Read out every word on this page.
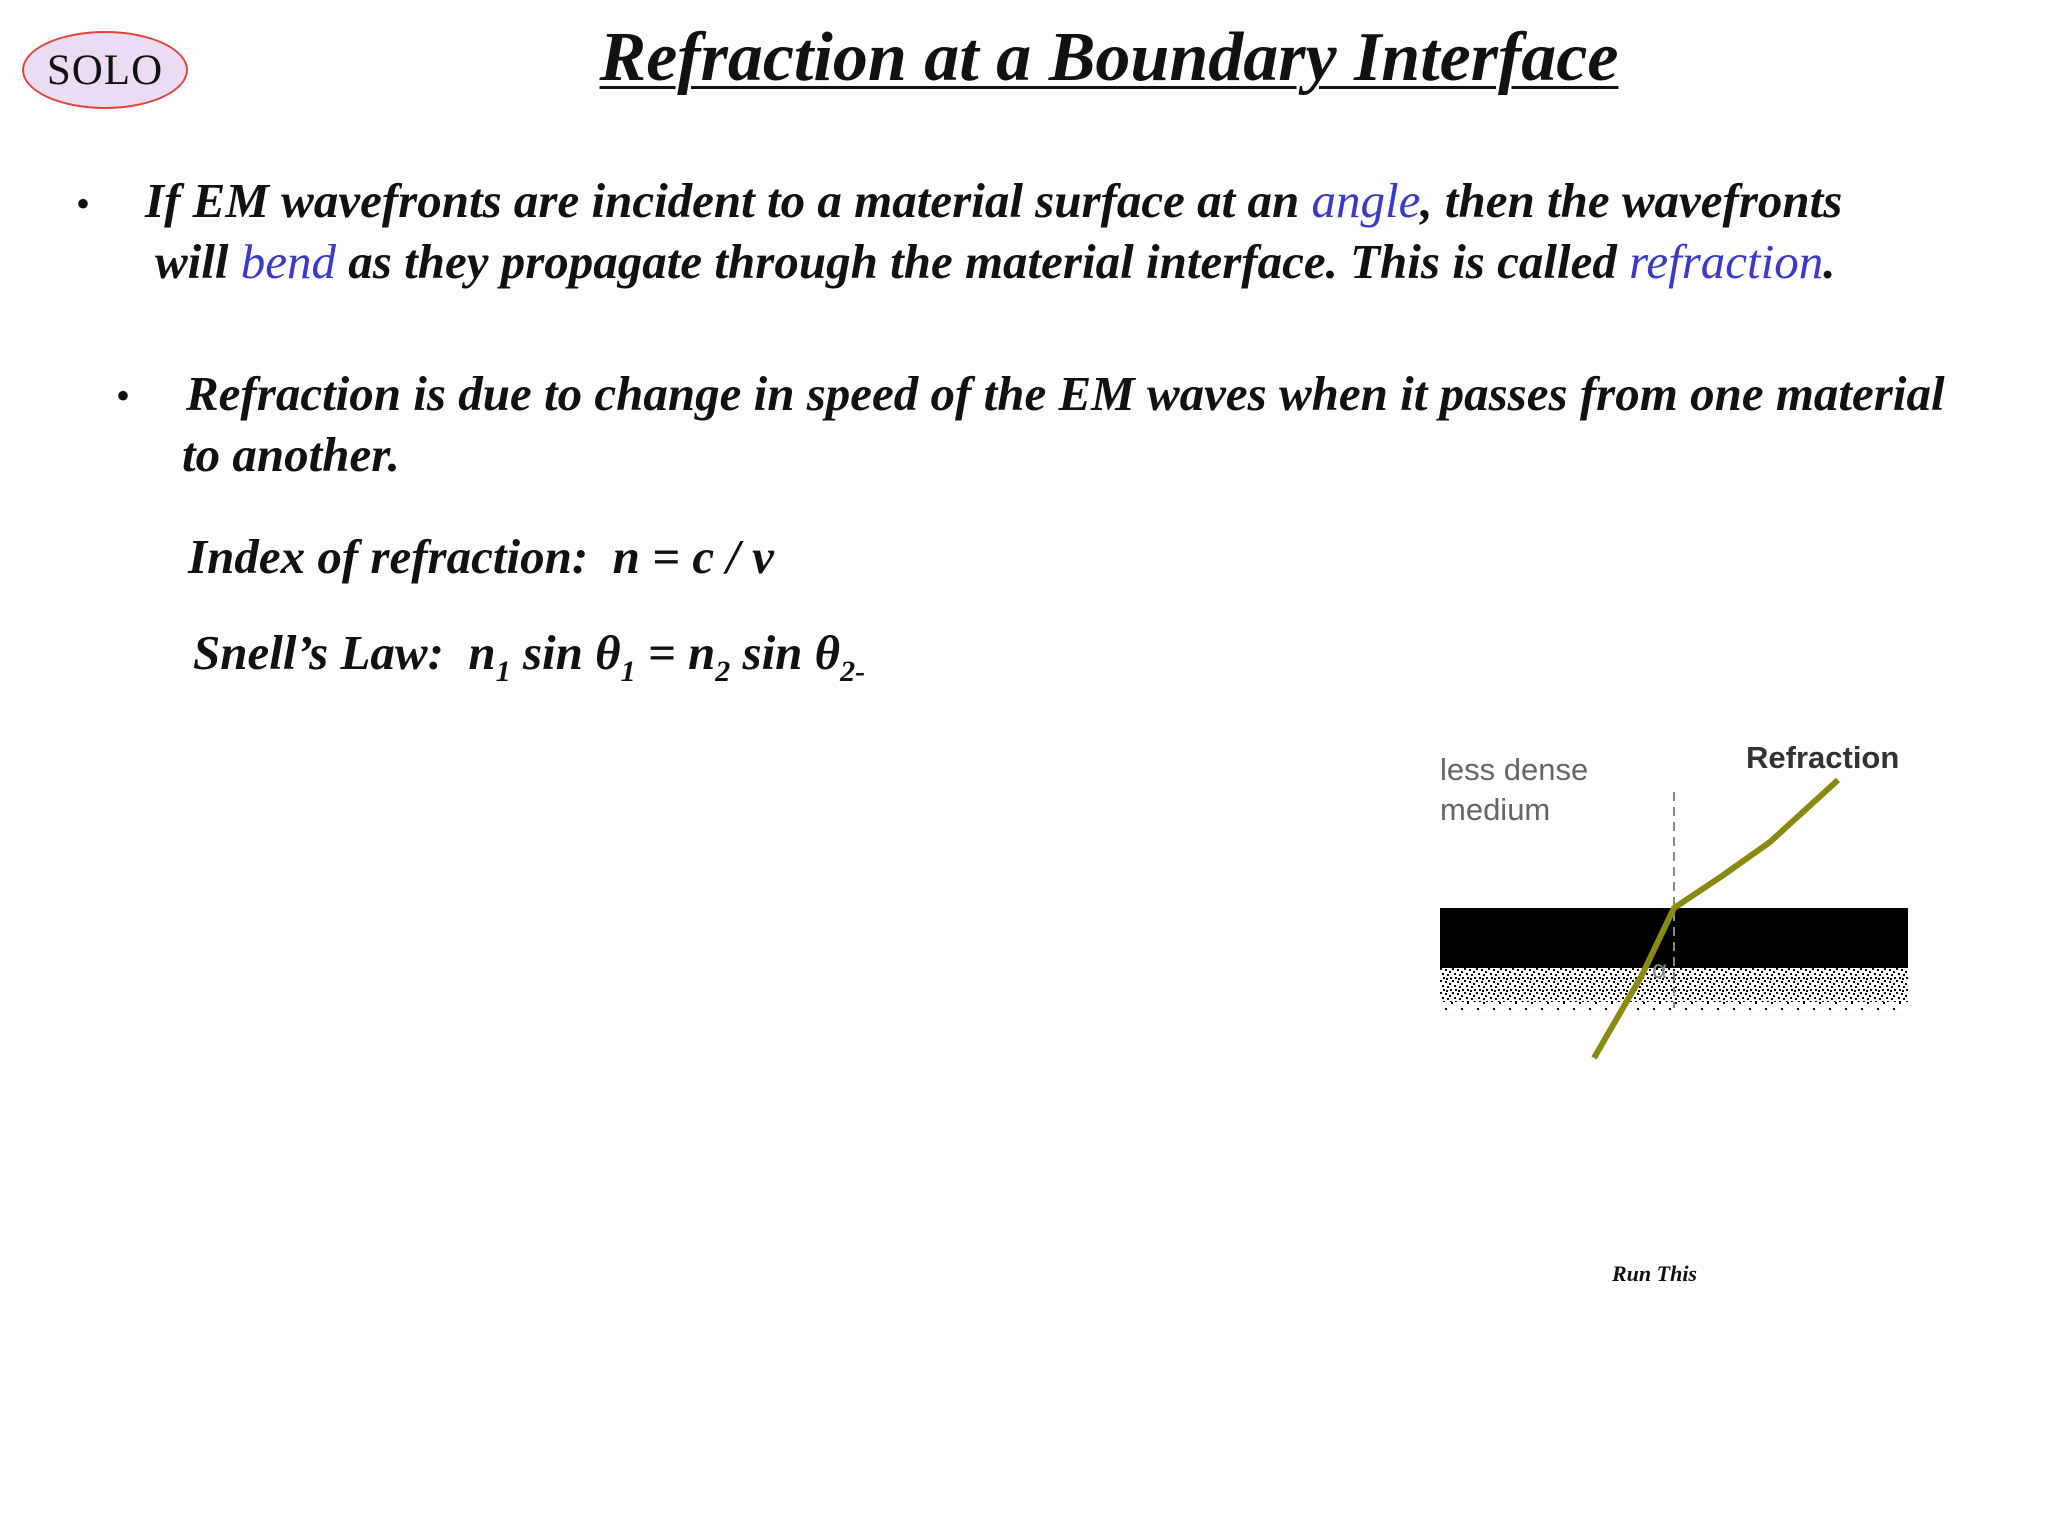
SOLO	Refraction at a Boundary Interface
• If EM wavefronts are incident to a material surface at an angle, then the wavefronts
will bend as they propagate through the material interface. This is called refraction.
• Refraction is due to change in speed of the EM waves when it passes from one material
to another.
Index of refraction: n = c / v
Snell’s Law: $n_1$ $\sin \theta_1 = n_2$ $\sin \theta_{2-}$
Refraction
less dense
medium
α
Run This
